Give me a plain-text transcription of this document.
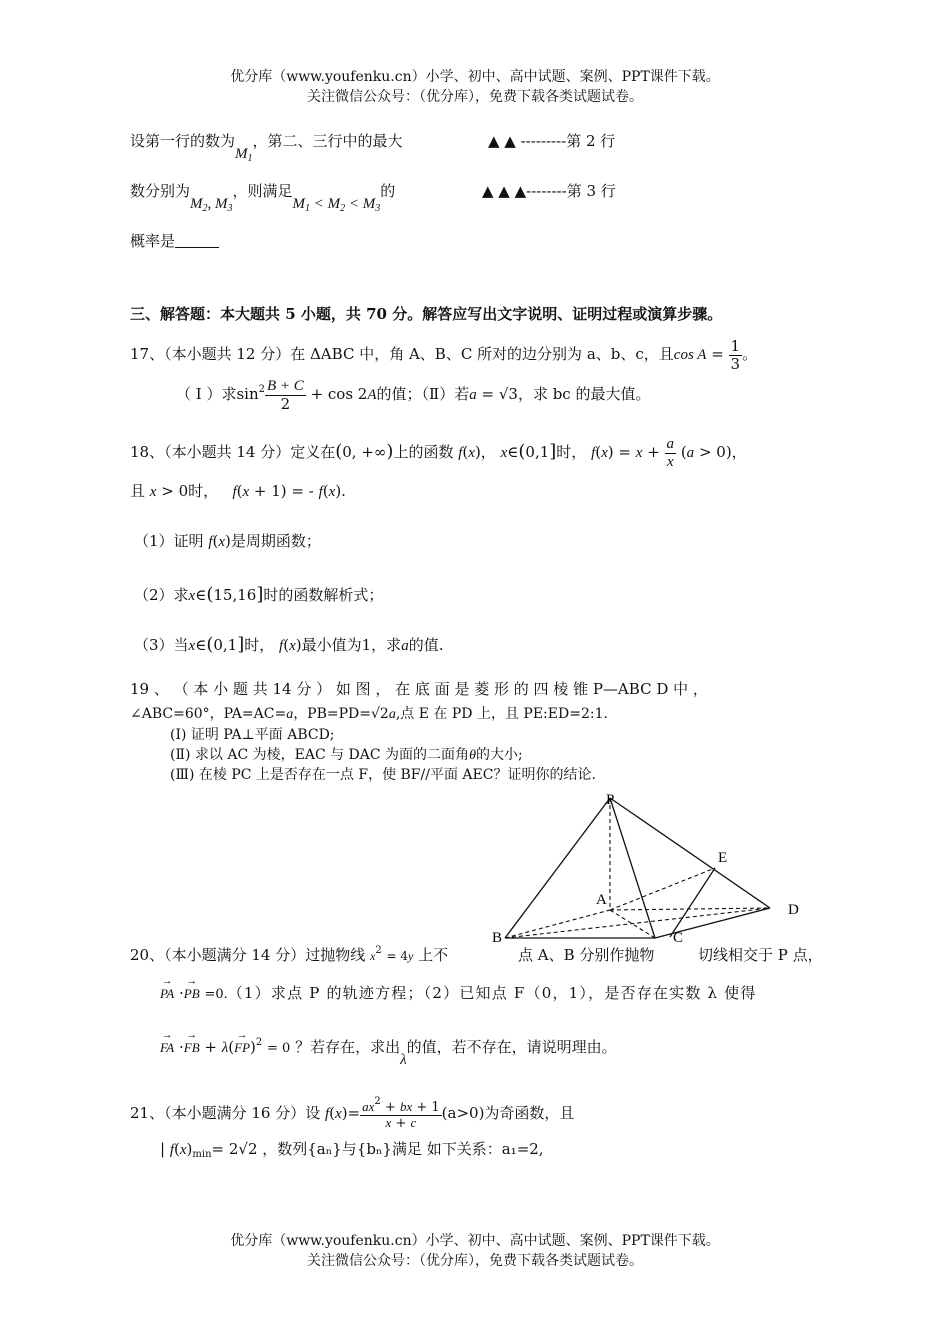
优分库（www.youfenku.cn）小学、初中、高中试题、案例、PPT课件下载。
关注微信公众号：（优分库），免费下载各类试题试卷。
设第一行的数为$M_1$，第二、三行中的最大	▲ ▲ ---------第 2 行
数分别为$M_2$, $M_3$，则满足$M_1 < M_2 < M_3$的	▲ ▲ ▲--------第 3 行
概率是
三、解答题：本大题共 5 小题，共 70 分。解答应写出文字说明、证明过程或演算步骤。
17、（本小题共 12 分）在 ΔABC 中，角 A、B、C 所对的边分别为 a、b、c，且$\cos A = \frac{1}{3}$ 。
（ Ⅰ ）求$\sin^2 \frac{B + C}{2} + \cos 2A$的值；（Ⅱ）若a = √3，求 bc 的最大值。
18、（本小题共 14 分）定义在(0, +∞)上的函数 f(x)， x∈(0,1]时， $f(x) = x + \frac{a}{x} (a > 0)$，
且 x > 0时， f(x + 1) = - f(x).
（1）证明 f(x)是周期函数；
（2）求x∈(15,16]时的函数解析式；
（3）当x∈(0,1]时， f(x)最小值为1，求a的值.
19 、 （ 本 小 题 共 14 分 ） 如 图 ， 在 底 面 是 菱 形 的 四 棱 锥 P—ABC D 中 ，
∠ABC=60°，PA=AC=a，PB=PD=√2a,点 E 在 PD 上，且 PE:ED=2:1.
(Ⅰ) 证明 PA⊥平面 ABCD;
(Ⅱ) 求以 AC 为棱，EAC 与 DAC 为面的二面角θ的大小;
(Ⅲ) 在棱 PC 上是否存在一点 F，使 BF//平面 AEC？证明你的结论.
P
E
A
D
B	C
20、（本小题满分 14 分）过抛物线 $x^2 = 4y$ 上不	点 A、B 分别作抛物	切线相交于 P 点，
→ PA ·→ PB =0.（1）求点 P 的轨迹方程；（2）已知点 F（0，1），是否存在实数 λ 使得
→ FA ·→ FB + λ(→ FP)$^2$ = 0 ？若存在，求出λ的值，若不存在，请说明理由。
21、（本小题满分 16 分）设 $f(x)= \frac{ax^2 + bx + 1}{x + c} (a>0)$为奇函数，且
| $f(x)_{min}= 2√2$ ，数列{aₙ}与{bₙ}满足 如下关系：a₁=2,
优分库（www.youfenku.cn）小学、初中、高中试题、案例、PPT课件下载。
关注微信公众号：（优分库），免费下载各类试题试卷。
